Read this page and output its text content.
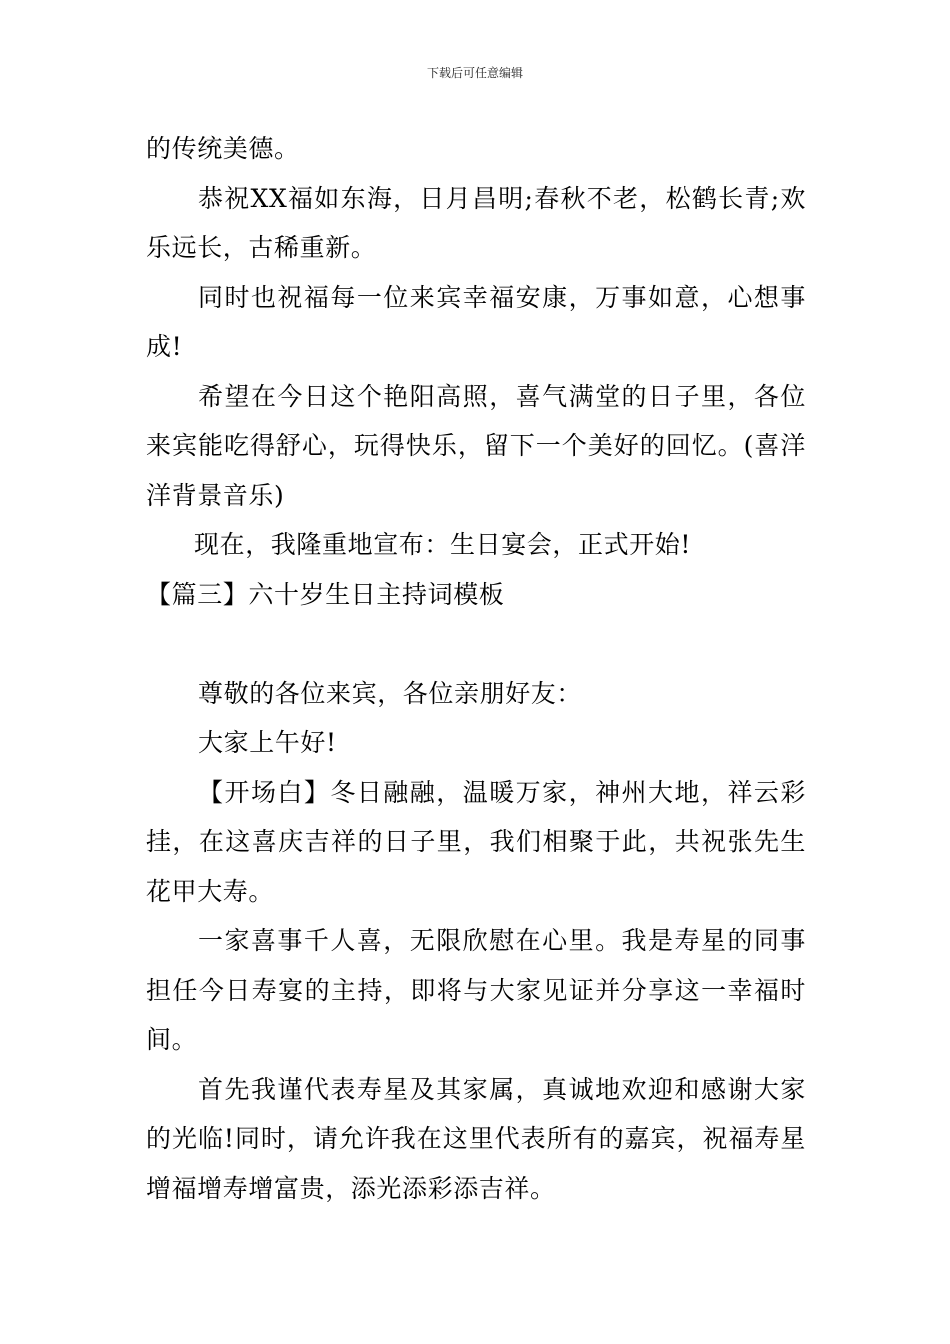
下载后可任意编辑

的传统美德。

恭祝XX福如东海，日月昌明;春秋不老，松鹤长青;欢乐远长，古稀重新。

同时也祝福每一位来宾幸福安康，万事如意，心想事成!

希望在今日这个艳阳高照，喜气满堂的日子里，各位来宾能吃得舒心，玩得快乐，留下一个美好的回忆。(喜洋洋背景音乐)

现在，我隆重地宣布：生日宴会，正式开始!

【篇三】六十岁生日主持词模板

尊敬的各位来宾，各位亲朋好友：

大家上午好!

【开场白】冬日融融，温暖万家，神州大地，祥云彩挂，在这喜庆吉祥的日子里，我们相聚于此，共祝张先生花甲大寿。

一家喜事千人喜，无限欣慰在心里。我是寿星的同事担任今日寿宴的主持，即将与大家见证并分享这一幸福时间。

首先我谨代表寿星及其家属，真诚地欢迎和感谢大家的光临!同时，请允许我在这里代表所有的嘉宾，祝福寿星增福增寿增富贵，添光添彩添吉祥。
